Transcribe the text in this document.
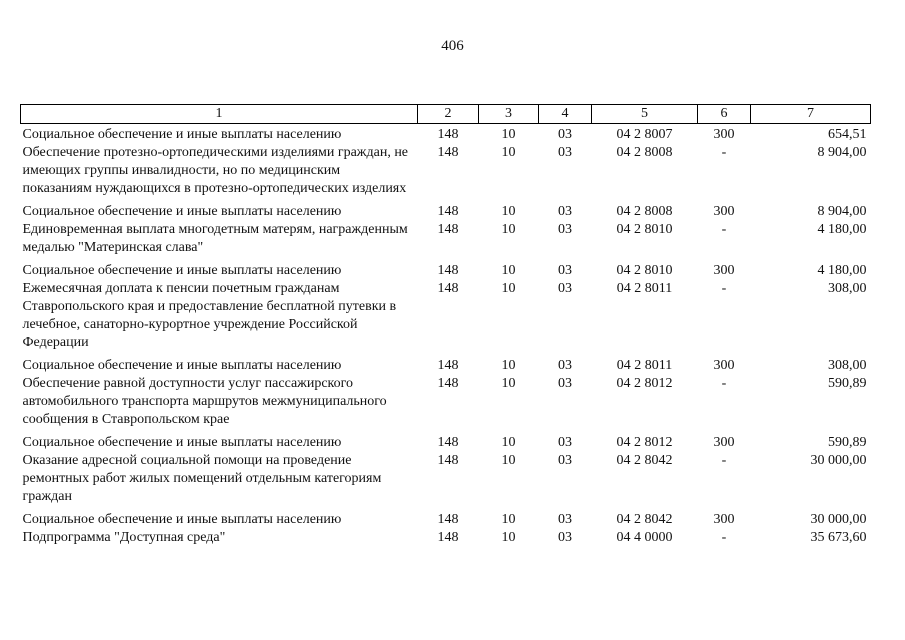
406
1	2	3	4	5	6	7
Социальное обеспечение и иные выплаты населению	148	10	03	04 2 8007	300	654,51
Обеспечение протезно-ортопедическими изделиями граждан, не имеющих группы инвалидности, но по медицинским показаниям нуждающихся в протезно-ортопедических изделиях	148	10	03	04 2 8008	-	8 904,00
Социальное обеспечение и иные выплаты населению	148	10	03	04 2 8008	300	8 904,00
Единовременная выплата многодетным матерям, награжденным медалью "Материнская слава"	148	10	03	04 2 8010	-	4 180,00
Социальное обеспечение и иные выплаты населению	148	10	03	04 2 8010	300	4 180,00
Ежемесячная доплата к пенсии почетным гражданам Ставропольского края и предоставление бесплатной путевки в лечебное, санаторно-курортное учреждение Российской Федерации	148	10	03	04 2 8011	-	308,00
Социальное обеспечение и иные выплаты населению	148	10	03	04 2 8011	300	308,00
Обеспечение равной доступности услуг пассажирского автомобильного транспорта маршрутов межмуниципального сообщения в Ставропольском крае	148	10	03	04 2 8012	-	590,89
Социальное обеспечение и иные выплаты населению	148	10	03	04 2 8012	300	590,89
Оказание адресной социальной помощи на проведение ремонтных работ жилых помещений отдельным категориям граждан	148	10	03	04 2 8042	-	30 000,00
Социальное обеспечение и иные выплаты населению	148	10	03	04 2 8042	300	30 000,00
Подпрограмма "Доступная среда"	148	10	03	04 4 0000	-	35 673,60
